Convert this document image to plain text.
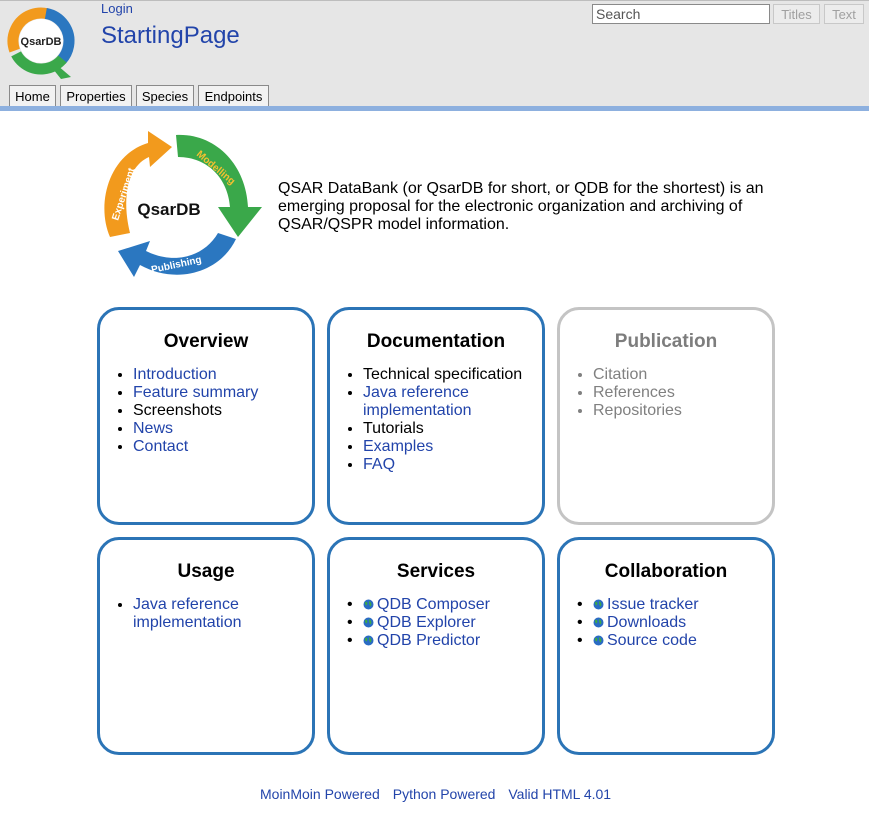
QsarDB
Login
StartingPage
Search
Titles	Text
Home	Properties	Species	Endpoints
QsarDB
Experiment	Modelling
Publishing
QSAR DataBank (or QsarDB for short, or QDB for the shortest) is an emerging proposal for the electronic organization and archiving of QSAR/QSPR model information.
Overview
• Introduction
• Feature summary
• Screenshots
• News
• Contact
Documentation
• Technical specification
• Java reference implementation
• Tutorials
• Examples
• FAQ
Publication
• Citation
• References
• Repositories
Usage
• Java reference implementation
Services
• QDB Composer
• QDB Explorer
• QDB Predictor
Collaboration
• Issue tracker
• Downloads
• Source code
MoinMoin Powered Python Powered Valid HTML 4.01
